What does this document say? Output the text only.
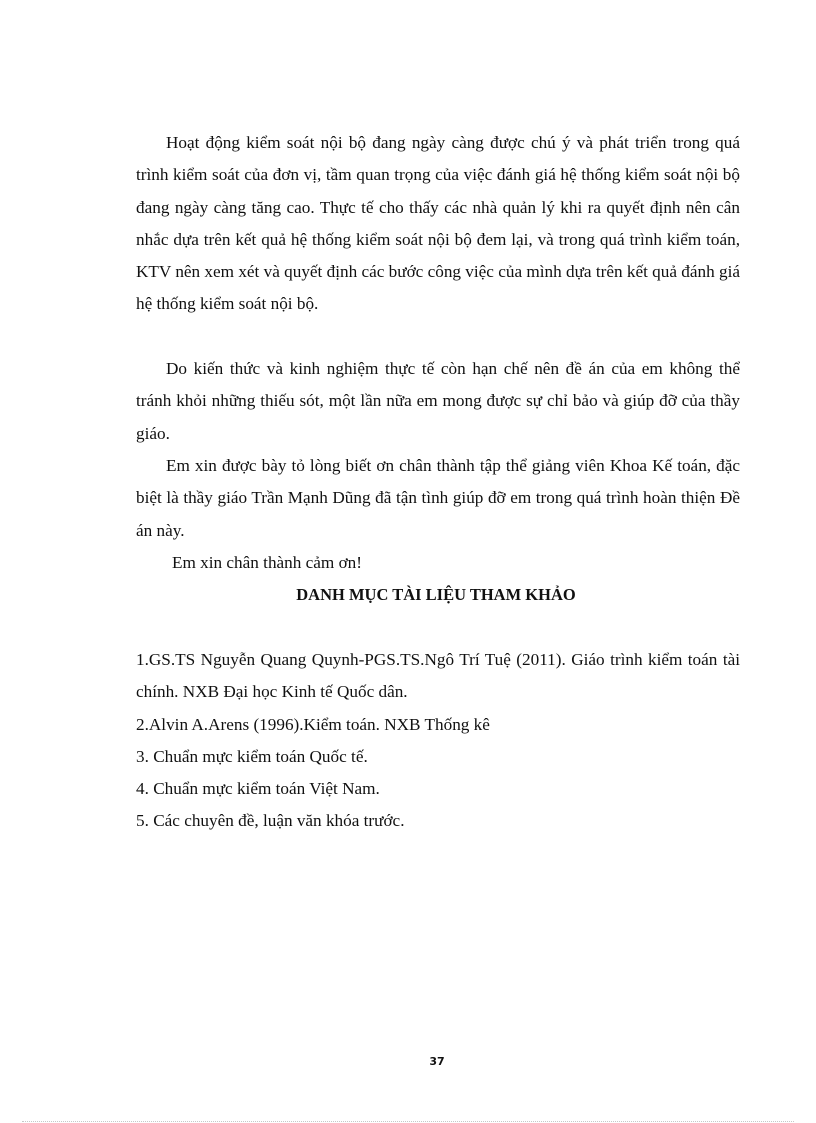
Hoạt động kiểm soát nội bộ đang ngày càng được chú ý và phát triển trong quá trình kiểm soát của đơn vị, tầm quan trọng của việc đánh giá hệ thống kiểm soát nội bộ đang ngày càng tăng cao. Thực tế cho thấy các nhà quản lý khi ra quyết định nên cân nhắc dựa trên kết quả hệ thống kiểm soát nội bộ đem lại, và trong quá trình kiểm toán, KTV nên xem xét và quyết định các bước công việc của mình dựa trên kết quả đánh giá hệ thống kiểm soát nội bộ.

Do kiến thức và kinh nghiệm thực tế còn hạn chế nên đề án của em không thể tránh khỏi những thiếu sót, một lần nữa em mong được sự chỉ bảo và giúp đỡ của thầy giáo.

Em xin được bày tỏ lòng biết ơn chân thành tập thể giảng viên Khoa Kế toán, đặc biệt là thầy giáo Trần Mạnh Dũng đã tận tình giúp đỡ em trong quá trình hoàn thiện Đề án này.

Em xin chân thành cảm ơn!

DANH MỤC TÀI LIỆU THAM KHẢO
1.GS.TS Nguyễn Quang Quynh-PGS.TS.Ngô Trí Tuệ (2011). Giáo trình kiểm toán tài chính. NXB Đại học Kinh tế Quốc dân.
2.Alvin A.Arens (1996).Kiểm toán. NXB Thống kê
3. Chuẩn mực kiểm toán Quốc tế.
4. Chuẩn mực kiểm toán Việt Nam.
5. Các chuyên đề, luận văn khóa trước.
37
